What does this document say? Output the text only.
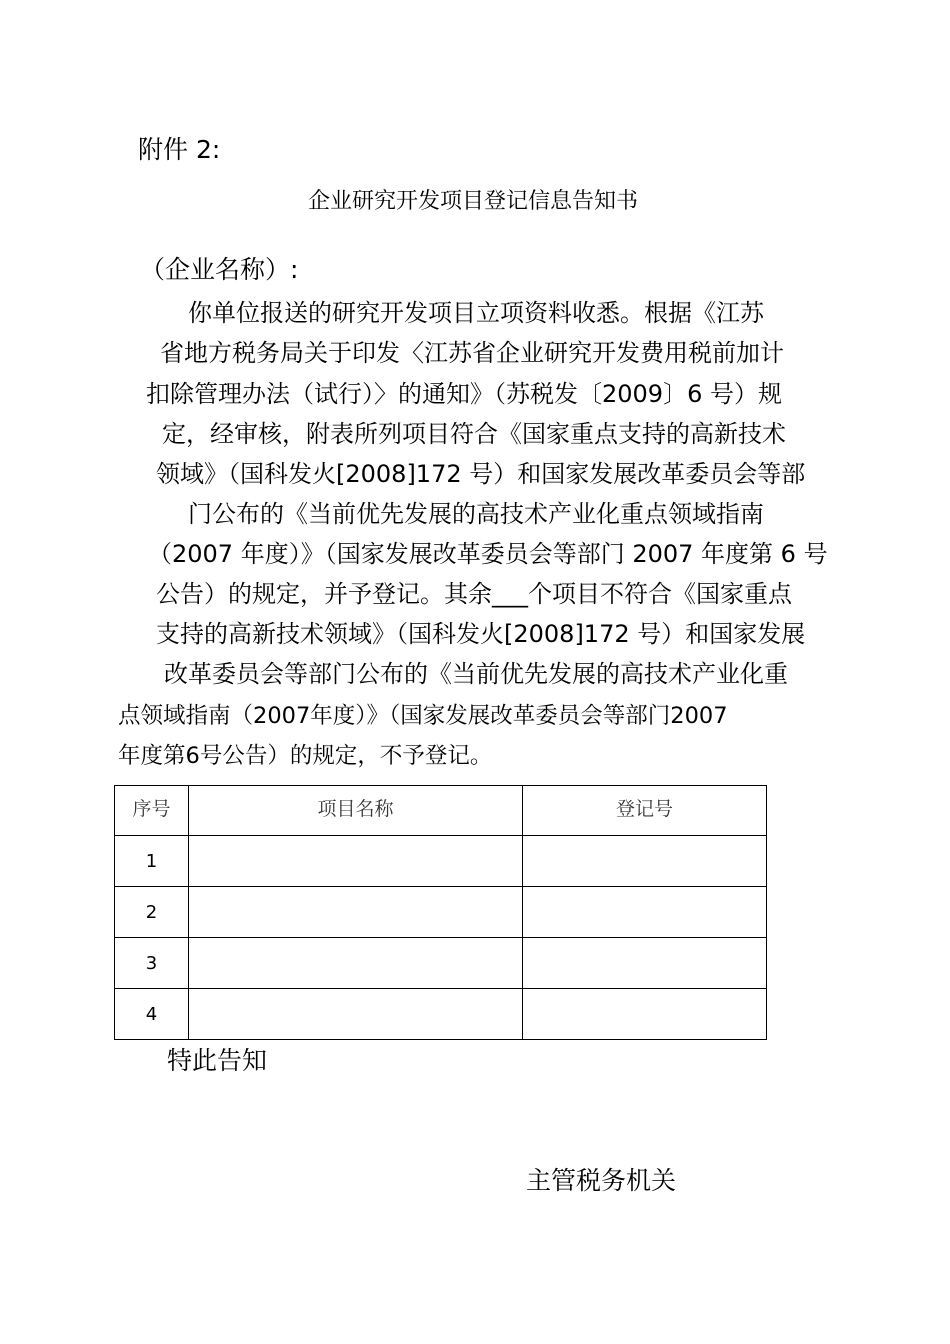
附件 2:
企业研究开发项目登记信息告知书
（企业名称）:
你单位报送的研究开发项目立项资料收悉。根据《江苏
省地方税务局关于印发〈江苏省企业研究开发费用税前加计
扣除管理办法（试行）〉的通知》（苏税发〔2009〕6 号）规
定，经审核，附表所列项目符合《国家重点支持的高新技术
领域》（国科发火[2008]172 号）和国家发展改革委员会等部
门公布的《当前优先发展的高技术产业化重点领域指南
（2007 年度）》（国家发展改革委员会等部门 2007 年度第 6 号
公告）的规定，并予登记。其余___个项目不符合《国家重点
支持的高新技术领域》（国科发火[2008]172 号）和国家发展
改革委员会等部门公布的《当前优先发展的高技术产业化重
点领域指南（2007年度）》（国家发展改革委员会等部门2007
年度第6号公告）的规定，不予登记。
序号	项目名称	登记号
1		
2		
3		
4		
特此告知
主管税务机关
